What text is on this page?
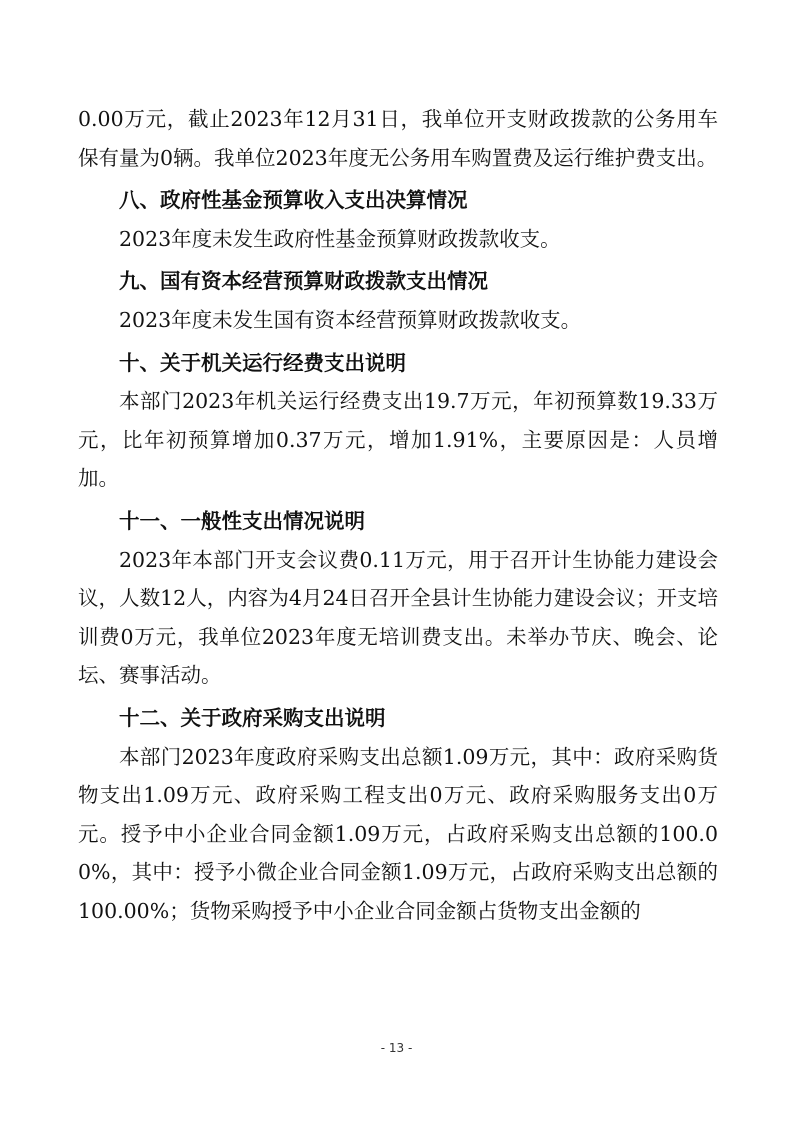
0.00万元，截止2023年12月31日，我单位开支财政拨款的公务用车保有量为0辆。我单位2023年度无公务用车购置费及运行维护费支出。

八、政府性基金预算收入支出决算情况

2023年度未发生政府性基金预算财政拨款收支。

九、国有资本经营预算财政拨款支出情况

2023年度未发生国有资本经营预算财政拨款收支。

十、关于机关运行经费支出说明

本部门2023年机关运行经费支出19.7万元，年初预算数19.33万元，比年初预算增加0.37万元，增加1.91%，主要原因是：人员增加。

十一、一般性支出情况说明

2023年本部门开支会议费0.11万元，用于召开计生协能力建设会议，人数12人，内容为4月24日召开全县计生协能力建设会议；开支培训费0万元，我单位2023年度无培训费支出。未举办节庆、晚会、论坛、赛事活动。

十二、关于政府采购支出说明

本部门2023年度政府采购支出总额1.09万元，其中：政府采购货物支出1.09万元、政府采购工程支出0万元、政府采购服务支出0万元。授予中小企业合同金额1.09万元，占政府采购支出总额的100.00%，其中：授予小微企业合同金额1.09万元，占政府采购支出总额的100.00%；货物采购授予中小企业合同金额占货物支出金额的

- 13 -
